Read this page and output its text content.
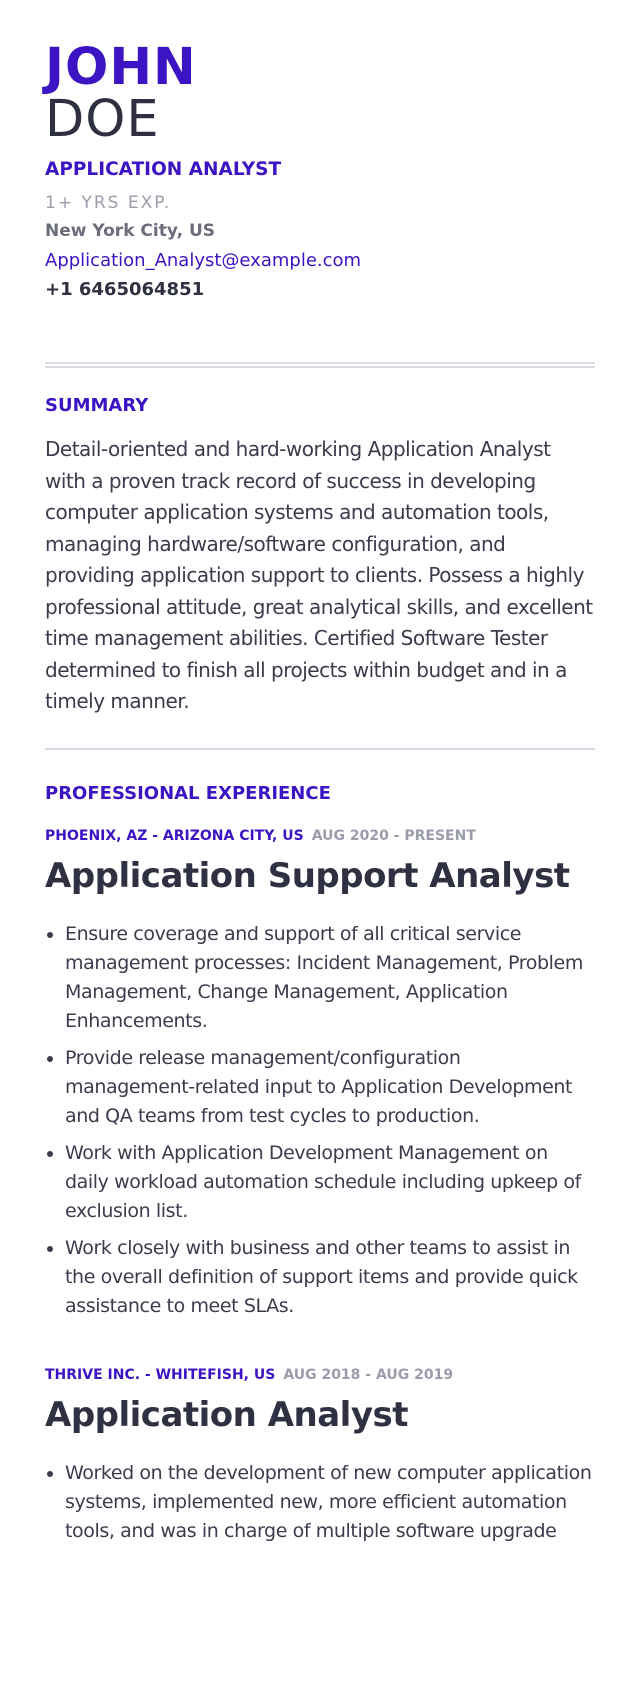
JOHN
DOE
APPLICATION ANALYST
1+ YRS EXP.
New York City, US
Application_Analyst@example.com
+1 6465064851
SUMMARY

Detail-oriented and hard-working Application Analyst with a proven track record of success in developing computer application systems and automation tools, managing hardware/software configuration, and providing application support to clients. Possess a highly professional attitude, great analytical skills, and excellent time management abilities. Certified Software Tester determined to finish all projects within budget and in a timely manner.

PROFESSIONAL EXPERIENCE
PHOENIX, AZ - ARIZONA CITY, US AUG 2020 - PRESENT
Application Support Analyst
Ensure coverage and support of all critical service management processes: Incident Management, Problem Management, Change Management, Application Enhancements.
Provide release management/configuration management-related input to Application Development and QA teams from test cycles to production.
Work with Application Development Management on daily workload automation schedule including upkeep of exclusion list.
Work closely with business and other teams to assist in the overall definition of support items and provide quick assistance to meet SLAs.
THRIVE INC. - WHITEFISH, US AUG 2018 - AUG 2019
Application Analyst
Worked on the development of new computer application systems, implemented new, more efficient automation tools, and was in charge of multiple software upgrade
